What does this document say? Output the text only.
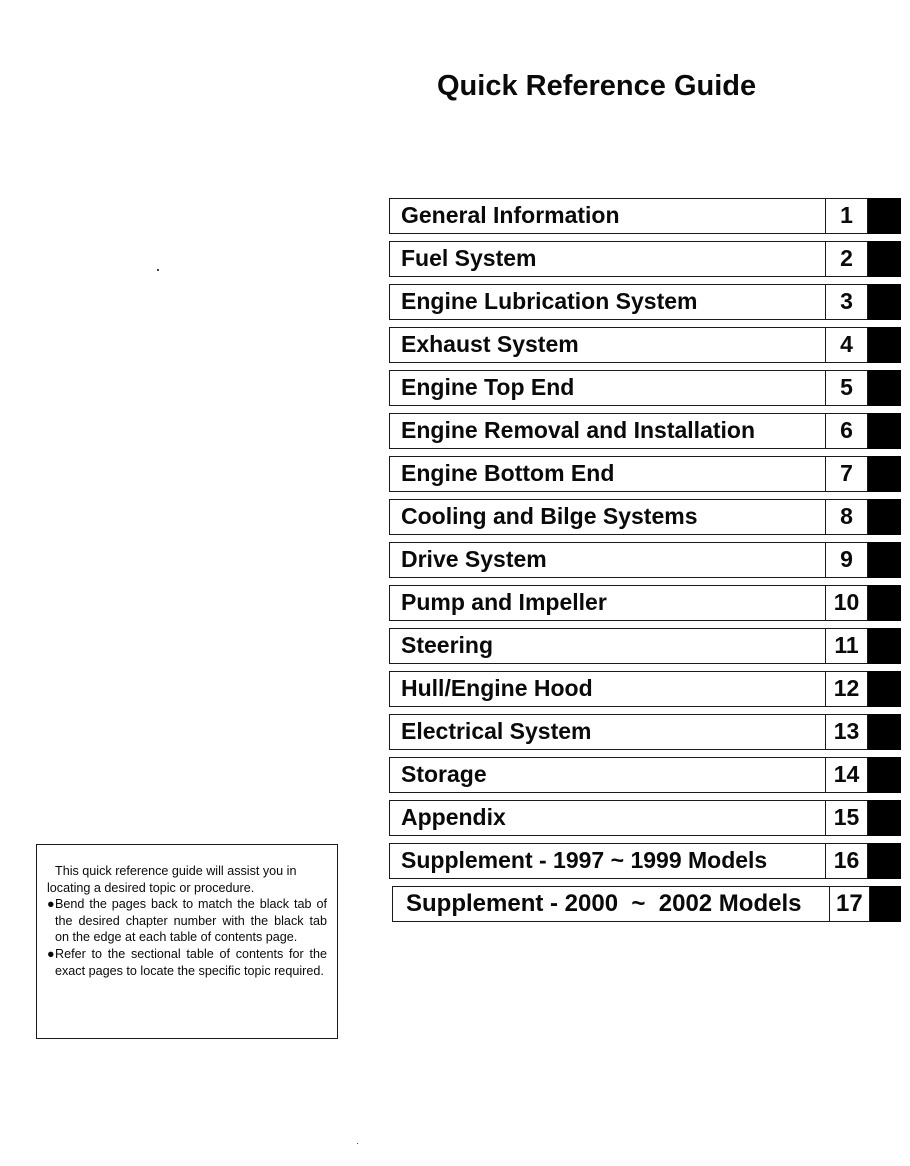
Quick Reference Guide
General Information	1
Fuel System	2
Engine Lubrication System	3
Exhaust System	4
Engine Top End	5
Engine Removal and Installation	6
Engine Bottom End	7
Cooling and Bilge Systems	8
Drive System	9
Pump and Impeller	10
Steering	11
Hull/Engine Hood	12
Electrical System	13
Storage	14
Appendix	15
Supplement - 1997 ~ 1999 Models	16
Supplement - 2000  ~  2002 Models	17

This quick reference guide will assist you in locating a desired topic or procedure.

● Bend the pages back to match the black tab of the desired chapter number with the black tab on the edge at each table of contents page.

● Refer to the sectional table of contents for the exact pages to locate the specific topic required.
